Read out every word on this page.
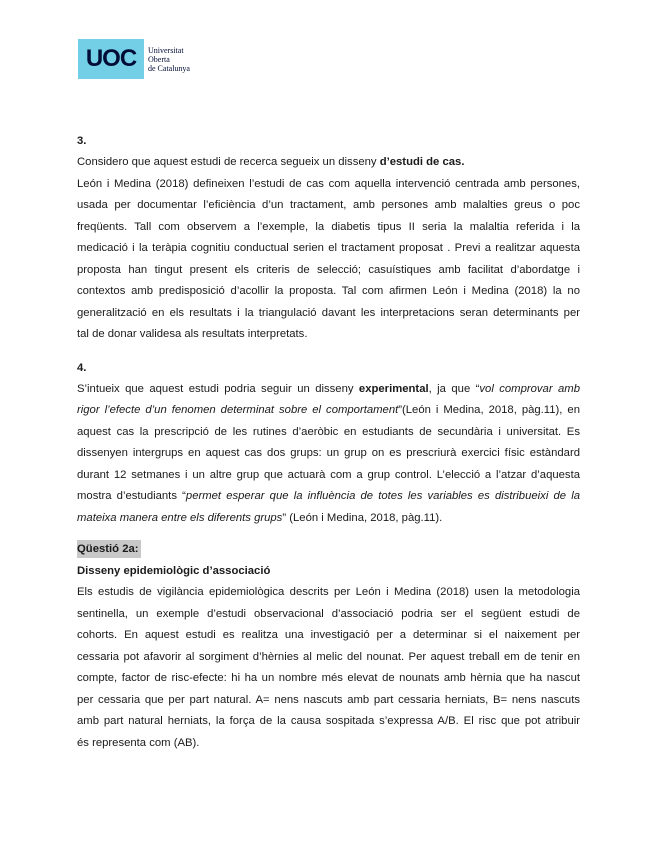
UOC	Universitat
Oberta
de Catalunya
3.

Considero que aquest estudi de recerca segueix un disseny d’estudi de cas.

León i Medina (2018) defineixen l’estudi de cas com aquella intervenció centrada amb persones,

usada per documentar l’eficiència d’un tractament, amb persones amb malalties greus o poc

freqüents. Tall com observem a l’exemple, la diabetis tipus II seria la malaltia referida i la

medicació i la teràpia cognitiu conductual serien el tractament proposat . Previ a realitzar aquesta

proposta han tingut present els criteris de selecció; casuístiques amb facilitat d’abordatge i

contextos amb predisposició d’acollir la proposta. Tal com afirmen León i Medina (2018) la no

generalització en els resultats i la triangulació davant les interpretacions seran determinants per

tal de donar validesa als resultats interpretats.

4.

S’intueix que aquest estudi podria seguir un disseny experimental, ja que “vol comprovar amb

rigor l’efecte d’un fenomen determinat sobre el comportament”(León i Medina, 2018, pàg.11), en

aquest cas la prescripció de les rutines d’aeròbic en estudiants de secundària i universitat. Es

dissenyen intergrups en aquest cas dos grups: un grup on es prescriurà exercici físic estàndard

durant 12 setmanes i un altre grup que actuarà com a grup control. L’elecció a l’atzar d’aquesta

mostra d’estudiants “permet esperar que la influència de totes les variables es distribueixi de la

mateixa manera entre els diferents grups” (León i Medina, 2018, pàg.11).

Qüestió 2a:

Disseny epidemiològic d’associació

Els estudis de vigilància epidemiològica descrits per León i Medina (2018) usen la metodologia

sentinella, un exemple d’estudi observacional d’associació podria ser el següent estudi de

cohorts. En aquest estudi es realitza una investigació per a determinar si el naixement per

cessaria pot afavorir al sorgiment d’hèrnies al melic del nounat. Per aquest treball em de tenir en

compte, factor de risc-efecte: hi ha un nombre més elevat de nounats amb hèrnia que ha nascut

per cessaria que per part natural. A= nens nascuts amb part cessaria herniats, B= nens nascuts

amb part natural herniats, la força de la causa sospitada s’expressa A/B. El risc que pot atribuir

és representa com (AB).
